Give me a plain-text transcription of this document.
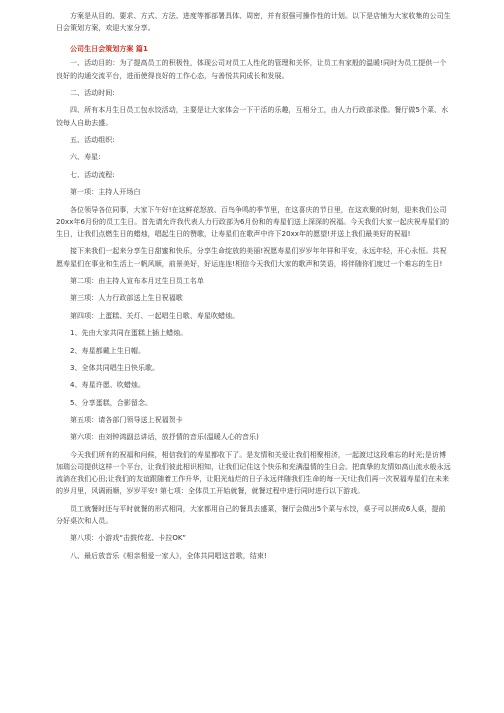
方案是从目的、要求、方式、方法、进度等都部署具体、周密，并有很强可操作性的计划。以下是店铺为大家收集的公司生日会策划方案，欢迎大家分享。

公司生日会策划方案 篇1

一、活动目的：为了提高员工的积极性，体现公司对员工人性化的管理和关怀，让员工有家般的温暖!同时为员工提供一个良好的沟通交流平台，进而使得良好的工作心态，与善悦共同成长和发展。

二、活动时间:

四、所有本月生日员工包水饺活动，主要是让大家体会一下干活的乐趣，互相分工，由人力行政部录像。餐厅做5个菜、水饺每人自助去盛。

五、活动组织:

六、寿星:

七、活动流程:

第一项：主持人开场白

各位领导各位同事，大家下午好!在这鲜花怒放、百鸟争鸣的季节里，在这喜庆的节日里，在这欢聚的时刻，迎来我们公司20xx年6月份的员工生日。首先请允许我代表人力行政部为6月份和的寿星们送上深深的祝福。今天我们大家一起庆祝寿星们的生日，让我们点燃生日的蜡烛，唱起生日的赞歌，让寿星们在歌声中许下20xx年的愿望!并送上我们最美好的祝福!

接下来我们一起来分享生日甜蜜和快乐，分享生命绽放的美丽!祝愿寿星们岁岁年年祥和平安，永远年轻，开心永恒。共祝愿寿星们在事业和生活上一帆风顺，前景美好，好运连连!相信今天我们大家的歌声和笑语，将伴随你们度过一个难忘的生日!

第二项：由主持人宣布本月过生日员工名单

第三项：人力行政部送上生日祝福歌

第四项：上蛋糕、关灯、一起唱生日歌、寿星吹蜡烛。

1、先由大家共同在蛋糕上插上蜡烛。

2、寿星都戴上生日帽。

3、全体共同唱生日快乐歌。

4、寿星许愿、吹蜡烛。

5、分享蛋糕，合影留念。

第五项：请各部门领导送上祝福贺卡

第六项：由刘钟鸿副总讲话，放抒情的音乐(温暖人心的音乐)

今天我们所有的祝福和问候，相信我们的寿星都收下了。是友情和关爱让我们相聚相济，一起渡过这段难忘的时光;是访博加瑞公司提供这样一个平台，让我们彼此相识相知，让我们记住这个快乐和充满温情的生日会。把真挚的友情如高山流水般永远流淌在我们心田;让我们的友谊跟随着工作升华，让阳光灿烂的日子永远伴随我们生命的每一天!让我们再一次祝福寿星们在未来的岁月里，风调雨顺，岁岁平安! 第七项：全体员工开始就餐，就餐过程中进行同时进行以下游戏。

员工就餐时还与平时就餐的形式相同，大家都用自己的餐具去盛菜，餐厅会做出5个菜与水饺，桌子可以拼成6人桌，提前分好桌次和人员。

第八项：小游戏“击鼓传花、卡拉OK”

八、最后放音乐《相亲相爱一家人》，全体共同唱这首歌，结束!
